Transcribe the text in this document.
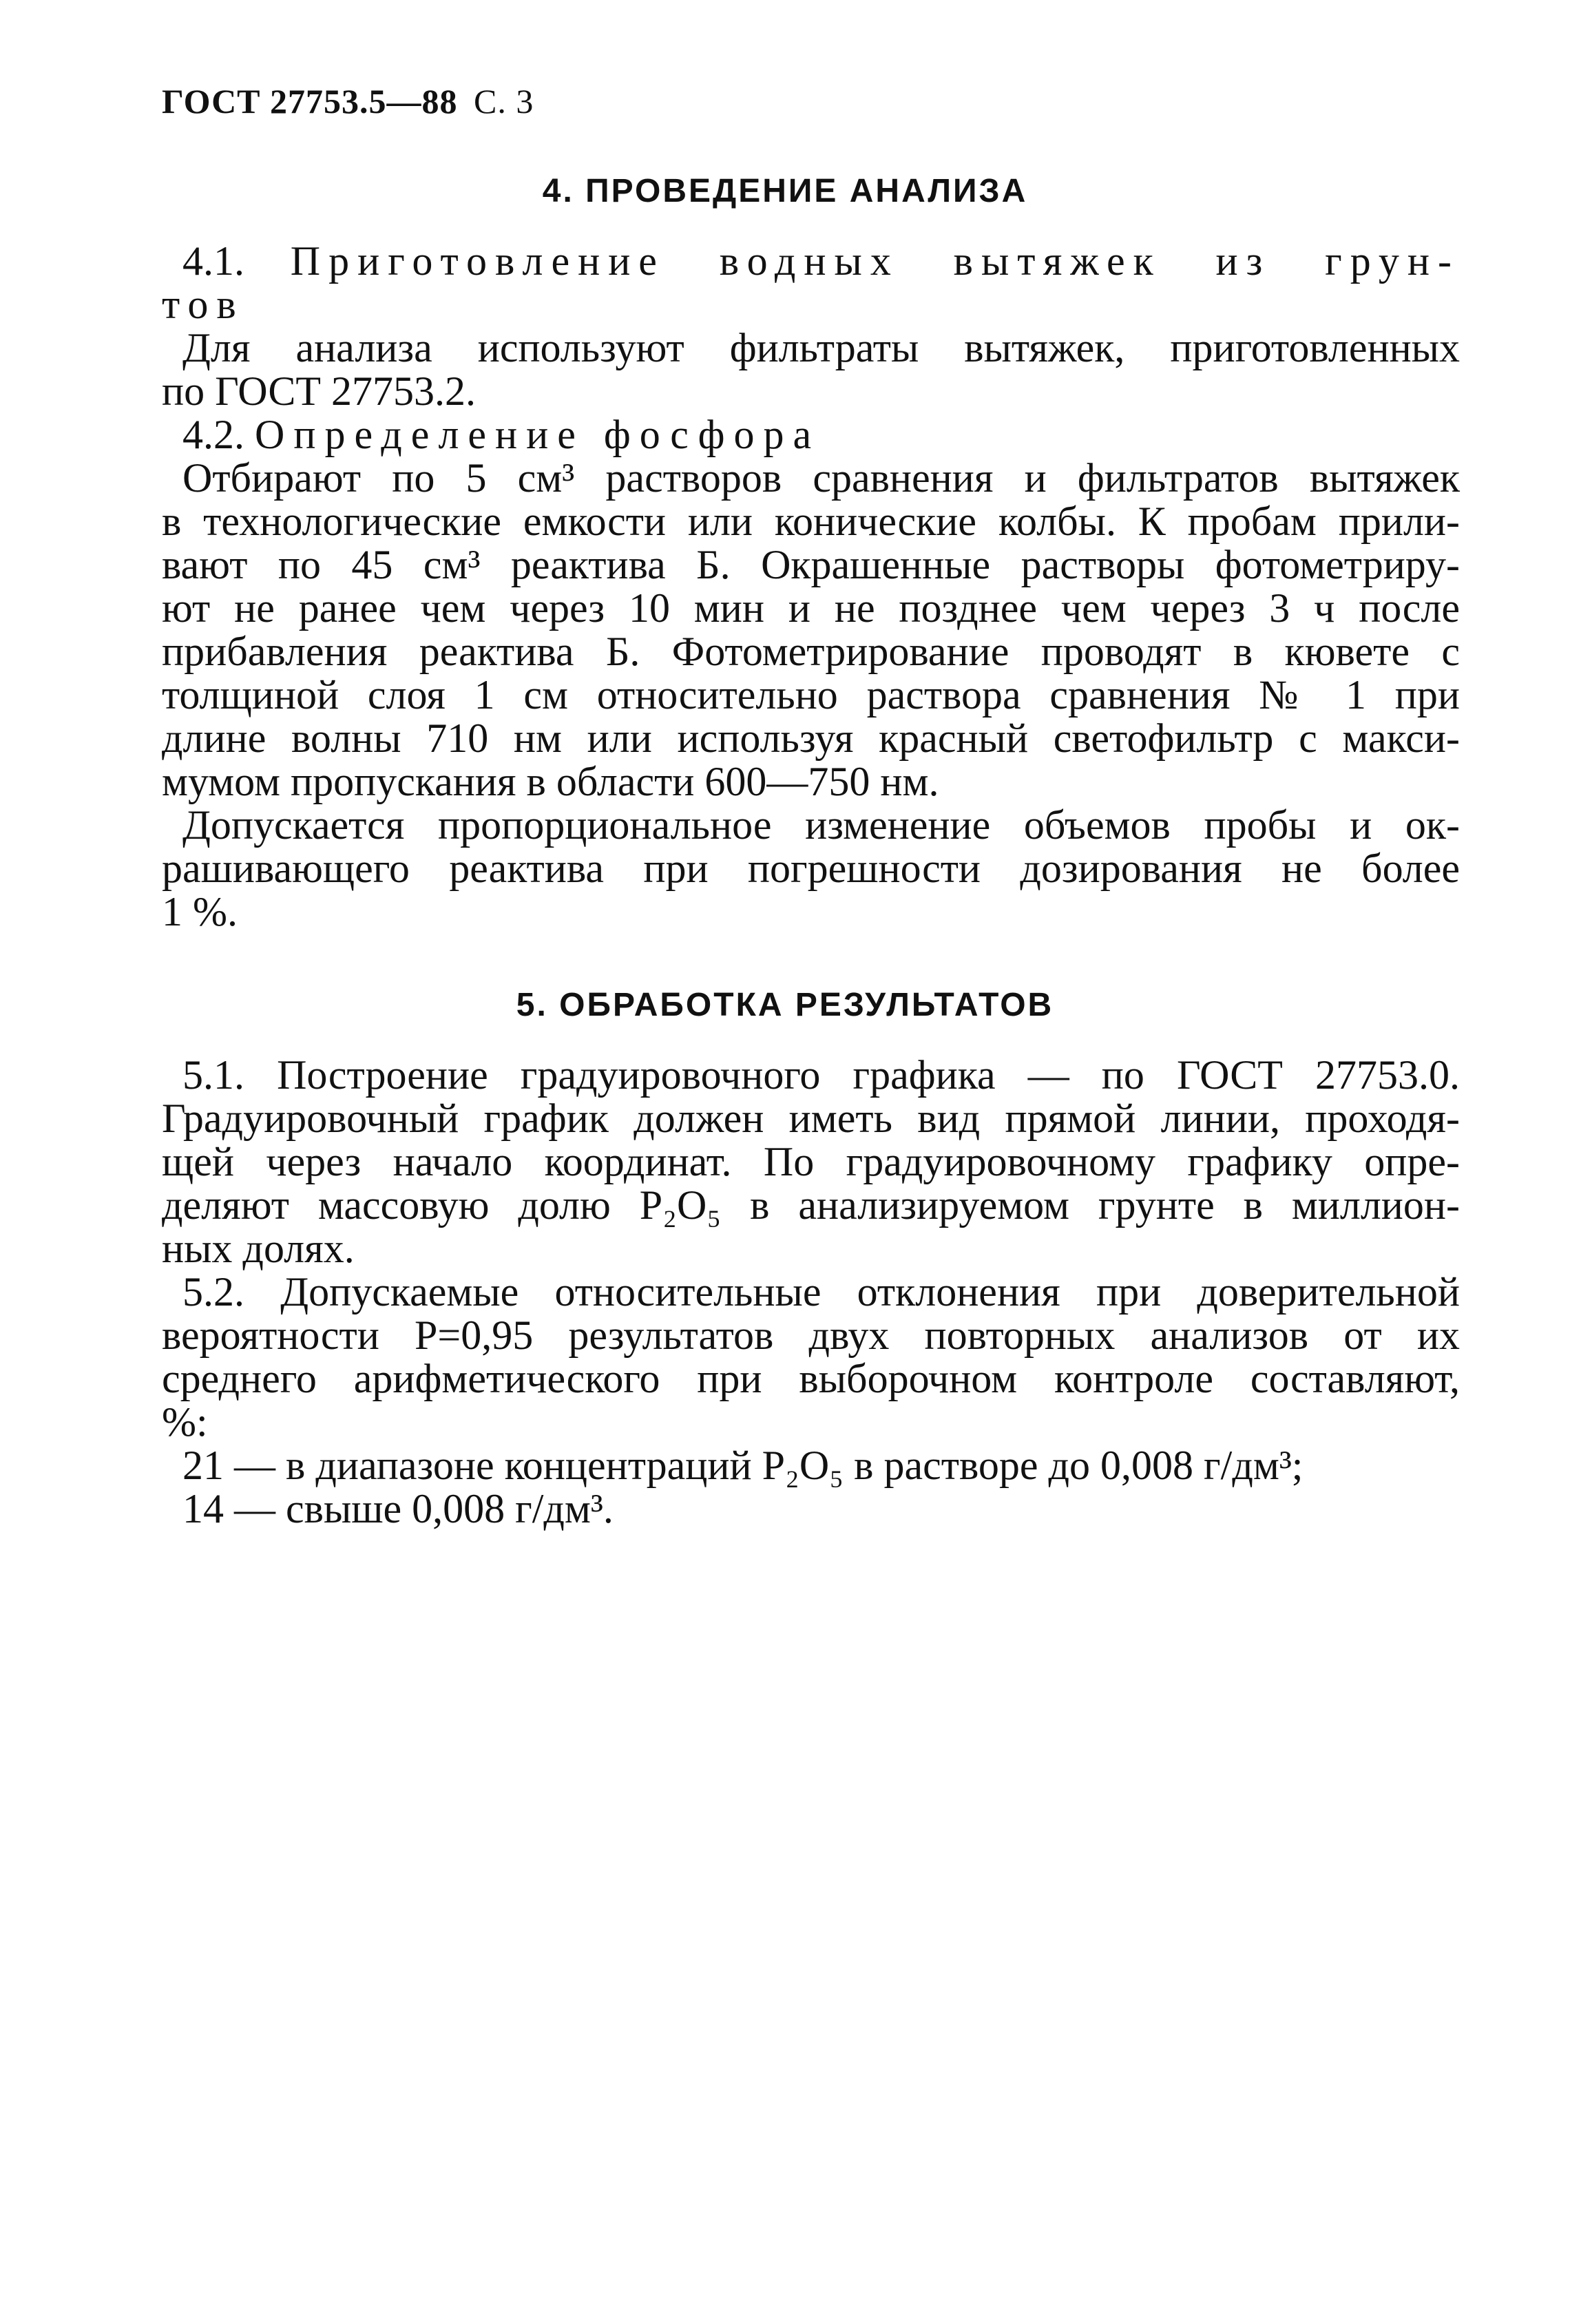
ГОСТ 27753.5—88 С. 3
4. ПРОВЕДЕНИЕ АНАЛИЗА
4.1. Приготовление водных вытяжек из грун-
тов
Для анализа используют фильтраты вытяжек, приготовленных
по ГОСТ 27753.2.
4.2. Определение фосфора
Отбирают по 5 см³ растворов сравнения и фильтратов вытяжек
в технологические емкости или конические колбы. К пробам прили-
вают по 45 см³ реактива Б. Окрашенные растворы фотометриру-
ют не ранее чем через 10 мин и не позднее чем через 3 ч после
прибавления реактива Б. Фотометрирование проводят в кювете с
толщиной слоя 1 см относительно раствора сравнения № 1 при
длине волны 710 нм или используя красный светофильтр с макси-
мумом пропускания в области 600—750 нм.
Допускается пропорциональное изменение объемов пробы и ок-
рашивающего реактива при погрешности дозирования не более
1 %.
5. ОБРАБОТКА РЕЗУЛЬТАТОВ
5.1. Построение градуировочного графика — по ГОСТ 27753.0.
Градуировочный график должен иметь вид прямой линии, проходя-
щей через начало координат. По градуировочному графику опре-
деляют массовую долю P₂O₅ в анализируемом грунте в миллион-
ных долях.
5.2. Допускаемые относительные отклонения при доверительной
вероятности P=0,95 результатов двух повторных анализов от их
среднего арифметического при выборочном контроле составляют,
%:
21 — в диапазоне концентраций P₂O₅ в растворе до 0,008 г/дм³;
14 — свыше 0,008 г/дм³.
